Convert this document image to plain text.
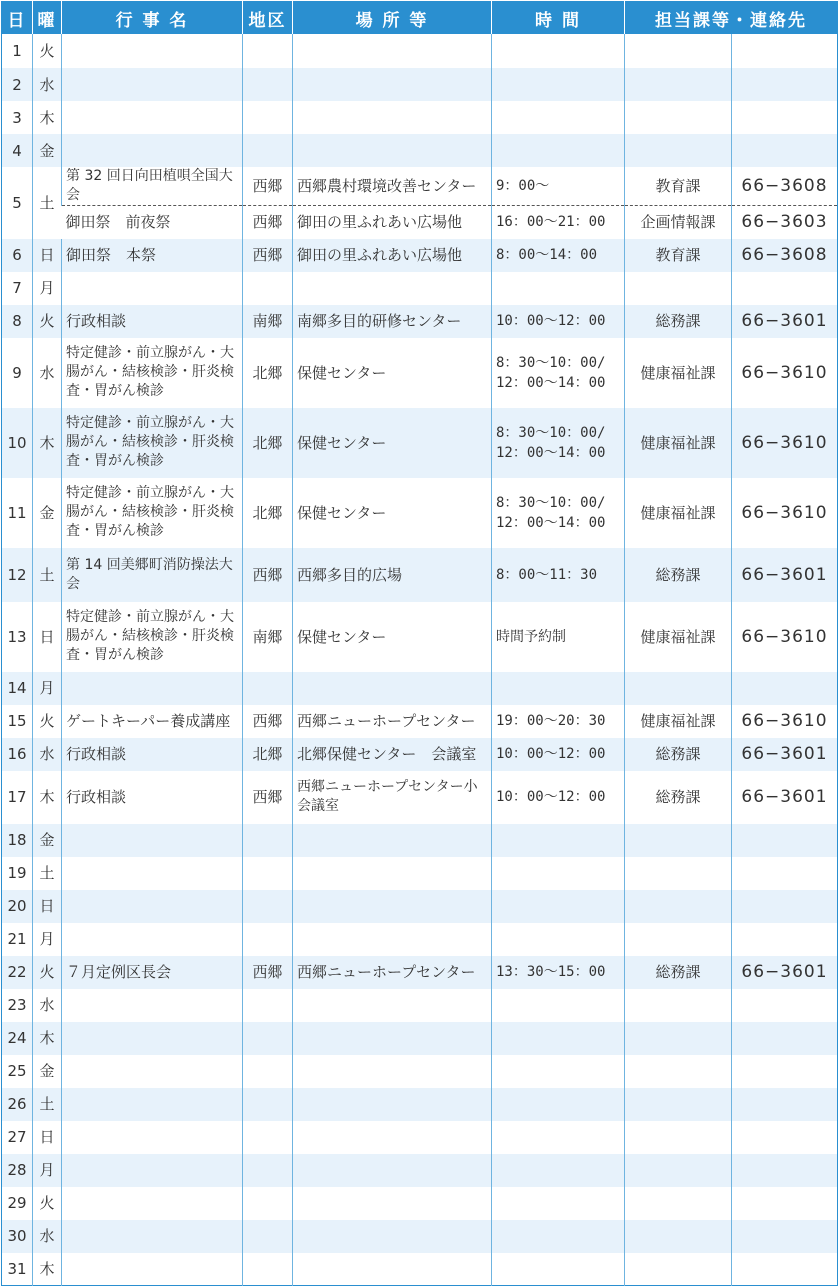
日	曜	行 事 名	地区	場 所 等	時 間	担当課等・連絡先	
1	火						
2	水						
3	木						
4	金						
5	土	第 32 回日向田植唄全国大会	西郷	西郷農村環境改善センター	9：00～	教育課	66−3608
		御田祭　前夜祭	西郷	御田の里ふれあい広場他	16：00～21：00	企画情報課	66−3603
6	日	御田祭　本祭	西郷	御田の里ふれあい広場他	8：00～14：00	教育課	66−3608
7	月						
8	火	行政相談	南郷	南郷多目的研修センター	10：00～12：00	総務課	66−3601
9	水	特定健診・前立腺がん・大腸がん・結核検診・肝炎検査・胃がん検診	北郷	保健センター	8：30～10：00/ 12：00～14：00	健康福祉課	66−3610
10	木	特定健診・前立腺がん・大腸がん・結核検診・肝炎検査・胃がん検診	北郷	保健センター	8：30～10：00/ 12：00～14：00	健康福祉課	66−3610
11	金	特定健診・前立腺がん・大腸がん・結核検診・肝炎検査・胃がん検診	北郷	保健センター	8：30～10：00/ 12：00～14：00	健康福祉課	66−3610
12	土	第 14 回美郷町消防操法大会	西郷	西郷多目的広場	8：00～11：30	総務課	66−3601
13	日	特定健診・前立腺がん・大腸がん・結核検診・肝炎検査・胃がん検診	南郷	保健センター	時間予約制	健康福祉課	66−3610
14	月						
15	火	ゲートキーパー養成講座	西郷	西郷ニューホープセンター	19：00～20：30	健康福祉課	66−3610
16	水	行政相談	北郷	北郷保健センター　会議室	10：00～12：00	総務課	66−3601
17	木	行政相談	西郷	西郷ニューホープセンター小会議室	10：00～12：00	総務課	66−3601
18	金						
19	土						
20	日						
21	月						
22	火	７月定例区長会	西郷	西郷ニューホープセンター	13：30～15：00	総務課	66−3601
23	水						
24	木						
25	金						
26	土						
27	日						
28	月						
29	火						
30	水						
31	木						
